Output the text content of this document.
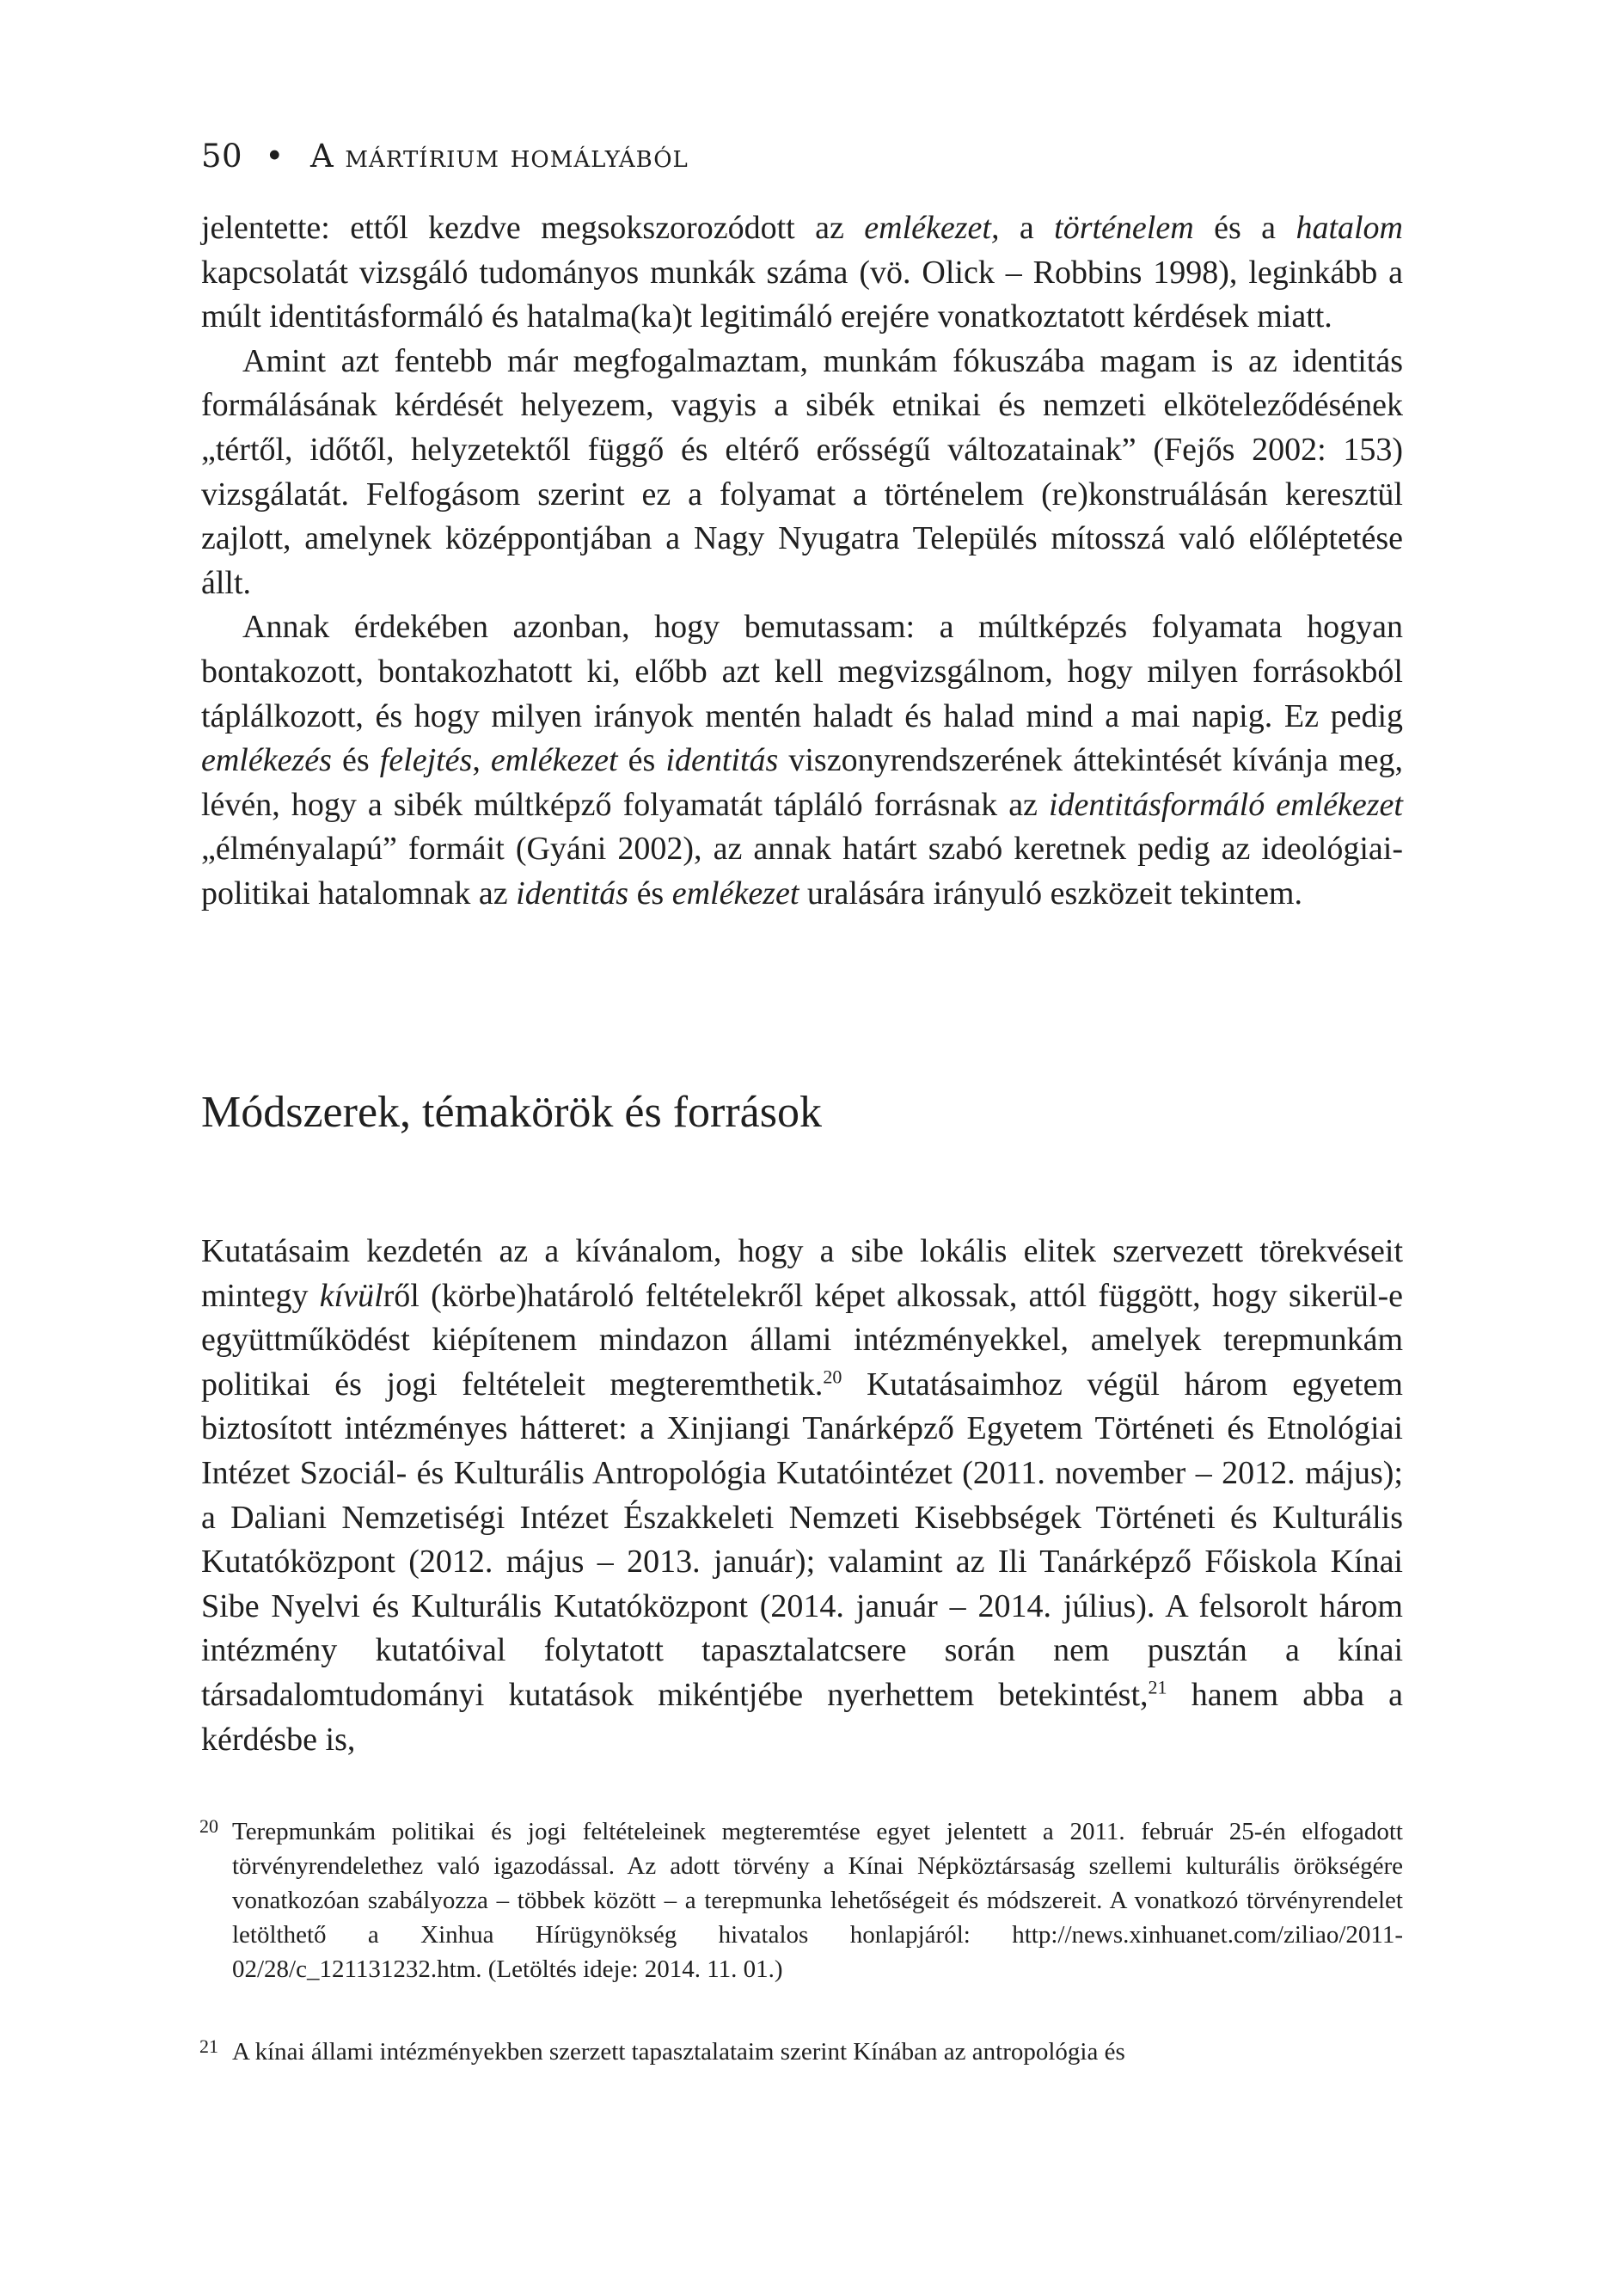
50 • A mártírium homályából

jelentette: ettől kezdve megsokszorozódott az emlékezet, a történelem és a hatalom kapcsolatát vizsgáló tudományos munkák száma (vö. Olick – Robbins 1998), leginkább a múlt identitásformáló és hatalma(ka)t legitimáló erejére vonatkoztatott kérdések miatt.

Amint azt fentebb már megfogalmaztam, munkám fókuszába magam is az identitás formálásának kérdését helyezem, vagyis a sibék etnikai és nemzeti elköteleződésének „tértől, időtől, helyzetektől függő és eltérő erősségű változatainak” (Fejős 2002: 153) vizsgálatát. Felfogásom szerint ez a folyamat a történelem (re)konstruálásán keresztül zajlott, amelynek középpontjában a Nagy Nyugatra Település mítosszá való előléptetése állt.

Annak érdekében azonban, hogy bemutassam: a múltképzés folyamata hogyan bontakozott, bontakozhatott ki, előbb azt kell megvizsgálnom, hogy milyen forrásokból táplálkozott, és hogy milyen irányok mentén haladt és halad mind a mai napig. Ez pedig emlékezés és felejtés, emlékezet és identitás viszonyrendszerének áttekintését kívánja meg, lévén, hogy a sibék múltképző folyamatát tápláló forrásnak az identitásformáló emlékezet „élményalapú” formáit (Gyáni 2002), az annak határt szabó keretnek pedig az ideológiai-politikai hatalomnak az identitás és emlékezet uralására irányuló eszközeit tekintem.

Módszerek, témakörök és források

Kutatásaim kezdetén az a kívánalom, hogy a sibe lokális elitek szervezett törekvéseit mintegy kívülről (körbe)határoló feltételekről képet alkossak, attól függött, hogy sikerül-e együttműködést kiépítenem mindazon állami intézményekkel, amelyek terepmunkám politikai és jogi feltételeit megteremthetik.$^{20}$ Kutatásaimhoz végül három egyetem biztosított intézményes hátteret: a Xinjiangi Tanárképző Egyetem Történeti és Etnológiai Intézet Szociál- és Kulturális Antropológia Kutatóintézet (2011. november – 2012. május); a Daliani Nemzetiségi Intézet Északkeleti Nemzeti Kisebbségek Történeti és Kulturális Kutatóközpont (2012. május – 2013. január); valamint az Ili Tanárképző Főiskola Kínai Sibe Nyelvi és Kulturális Kutatóközpont (2014. január – 2014. július). A felsorolt három intézmény kutatóival folytatott tapasztalatcsere során nem pusztán a kínai társadalomtudományi kutatások mikéntjébe nyerhettem betekintést,$^{21}$ hanem abba a kérdésbe is,

20 Terepmunkám politikai és jogi feltételeinek megteremtése egyet jelentett a 2011. február 25-én elfogadott törvényrendelethez való igazodással. Az adott törvény a Kínai Népköztársaság szellemi kulturális örökségére vonatkozóan szabályozza – többek között – a terepmunka lehetőségeit és módszereit. A vonatkozó törvényrendelet letölthető a Xinhua Hírügynökség hivatalos honlapjáról: http://news.xinhuanet.com/ziliao/2011-02/28/c_121131232.htm. (Letöltés ideje: 2014. 11. 01.)
21 A kínai állami intézményekben szerzett tapasztalataim szerint Kínában az antropológia és
